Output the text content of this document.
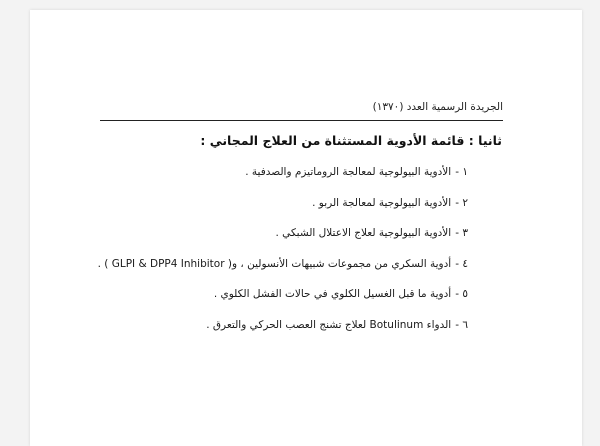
الجريدة الرسمية العدد (١٣٧٠)
ثانيا : قائمة الأدوية المستثناة من العلاج المجاني :
١ -الأدوية البيولوجية لمعالجة الروماتيزم والصدفية .
٢ -الأدوية البيولوجية لمعالجة الربو .
٣ -الأدوية البيولوجية لعلاج الاعتلال الشبكي .
٤ -أدوية السكري من مجموعات شبيهات الأنسولين ، و( GLPI & DPP4 Inhibitor ) .
٥ -أدوية ما قبل الغسيل الكلوي في حالات الفشل الكلوي .
٦ -الدواء Botulinum لعلاج تشنج العصب الحركي والتعرق .
